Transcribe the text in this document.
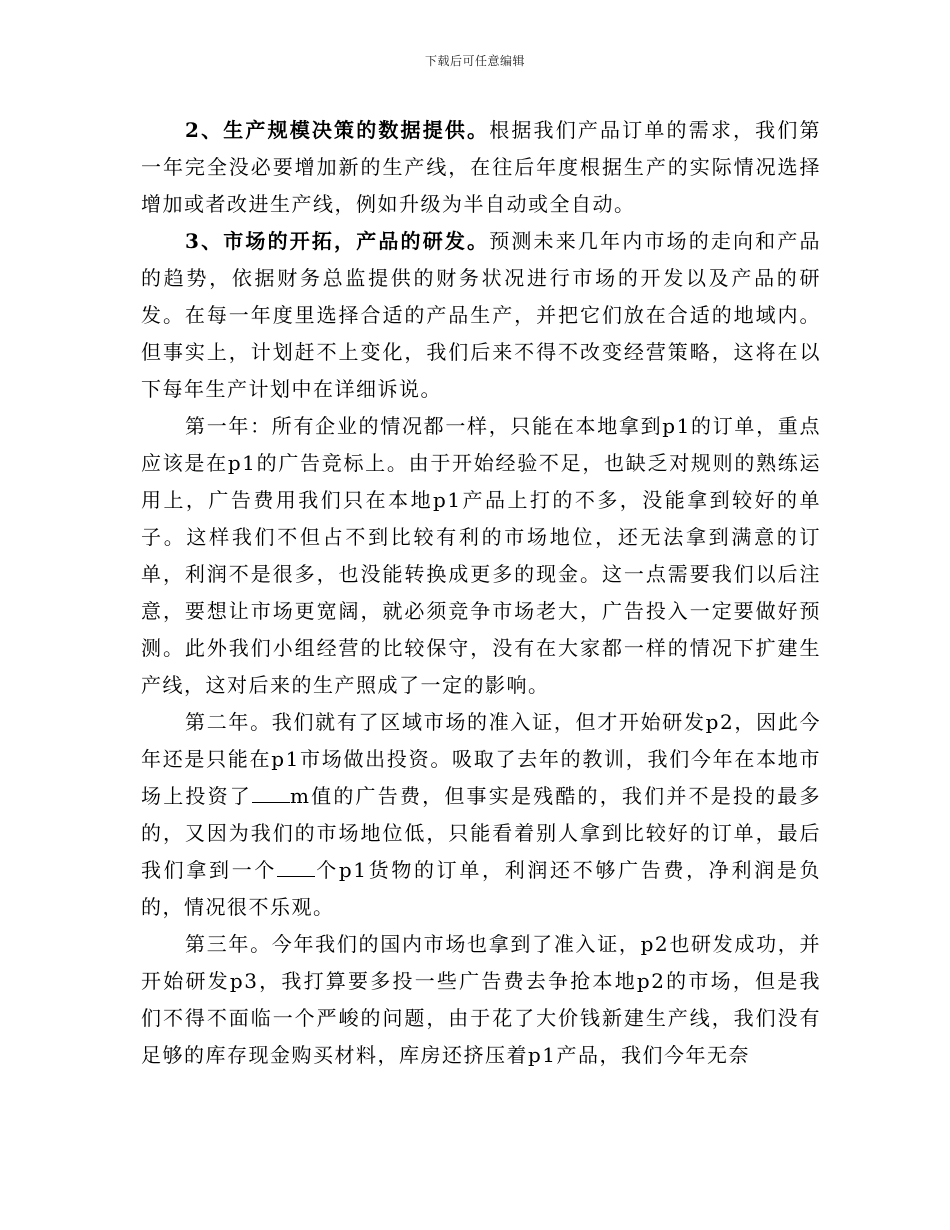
下载后可任意编辑

2、生产规模决策的数据提供。根据我们产品订单的需求，我们第一年完全没必要增加新的生产线，在往后年度根据生产的实际情况选择增加或者改进生产线，例如升级为半自动或全自动。

3、市场的开拓，产品的研发。预测未来几年内市场的走向和产品的趋势，依据财务总监提供的财务状况进行市场的开发以及产品的研发。在每一年度里选择合适的产品生产，并把它们放在合适的地域内。但事实上，计划赶不上变化，我们后来不得不改变经营策略，这将在以下每年生产计划中在详细诉说。

第一年：所有企业的情况都一样，只能在本地拿到p1的订单，重点应该是在p1的广告竞标上。由于开始经验不足，也缺乏对规则的熟练运用上，广告费用我们只在本地p1产品上打的不多，没能拿到较好的单子。这样我们不但占不到比较有利的市场地位，还无法拿到满意的订单，利润不是很多，也没能转换成更多的现金。这一点需要我们以后注意，要想让市场更宽阔，就必须竞争市场老大，广告投入一定要做好预测。此外我们小组经营的比较保守，没有在大家都一样的情况下扩建生产线，这对后来的生产照成了一定的影响。

第二年。我们就有了区域市场的准入证，但才开始研发p2，因此今年还是只能在p1市场做出投资。吸取了去年的教训，我们今年在本地市场上投资了 m值的广告费，但事实是残酷的，我们并不是投的最多的，又因为我们的市场地位低，只能看着别人拿到比较好的订单，最后我们拿到一个 个p1货物的订单，利润还不够广告费，净利润是负的，情况很不乐观。

第三年。今年我们的国内市场也拿到了准入证，p2也研发成功，并开始研发p3，我打算要多投一些广告费去争抢本地p2的市场，但是我们不得不面临一个严峻的问题，由于花了大价钱新建生产线，我们没有足够的库存现金购买材料，库房还挤压着p1产品，我们今年无奈
